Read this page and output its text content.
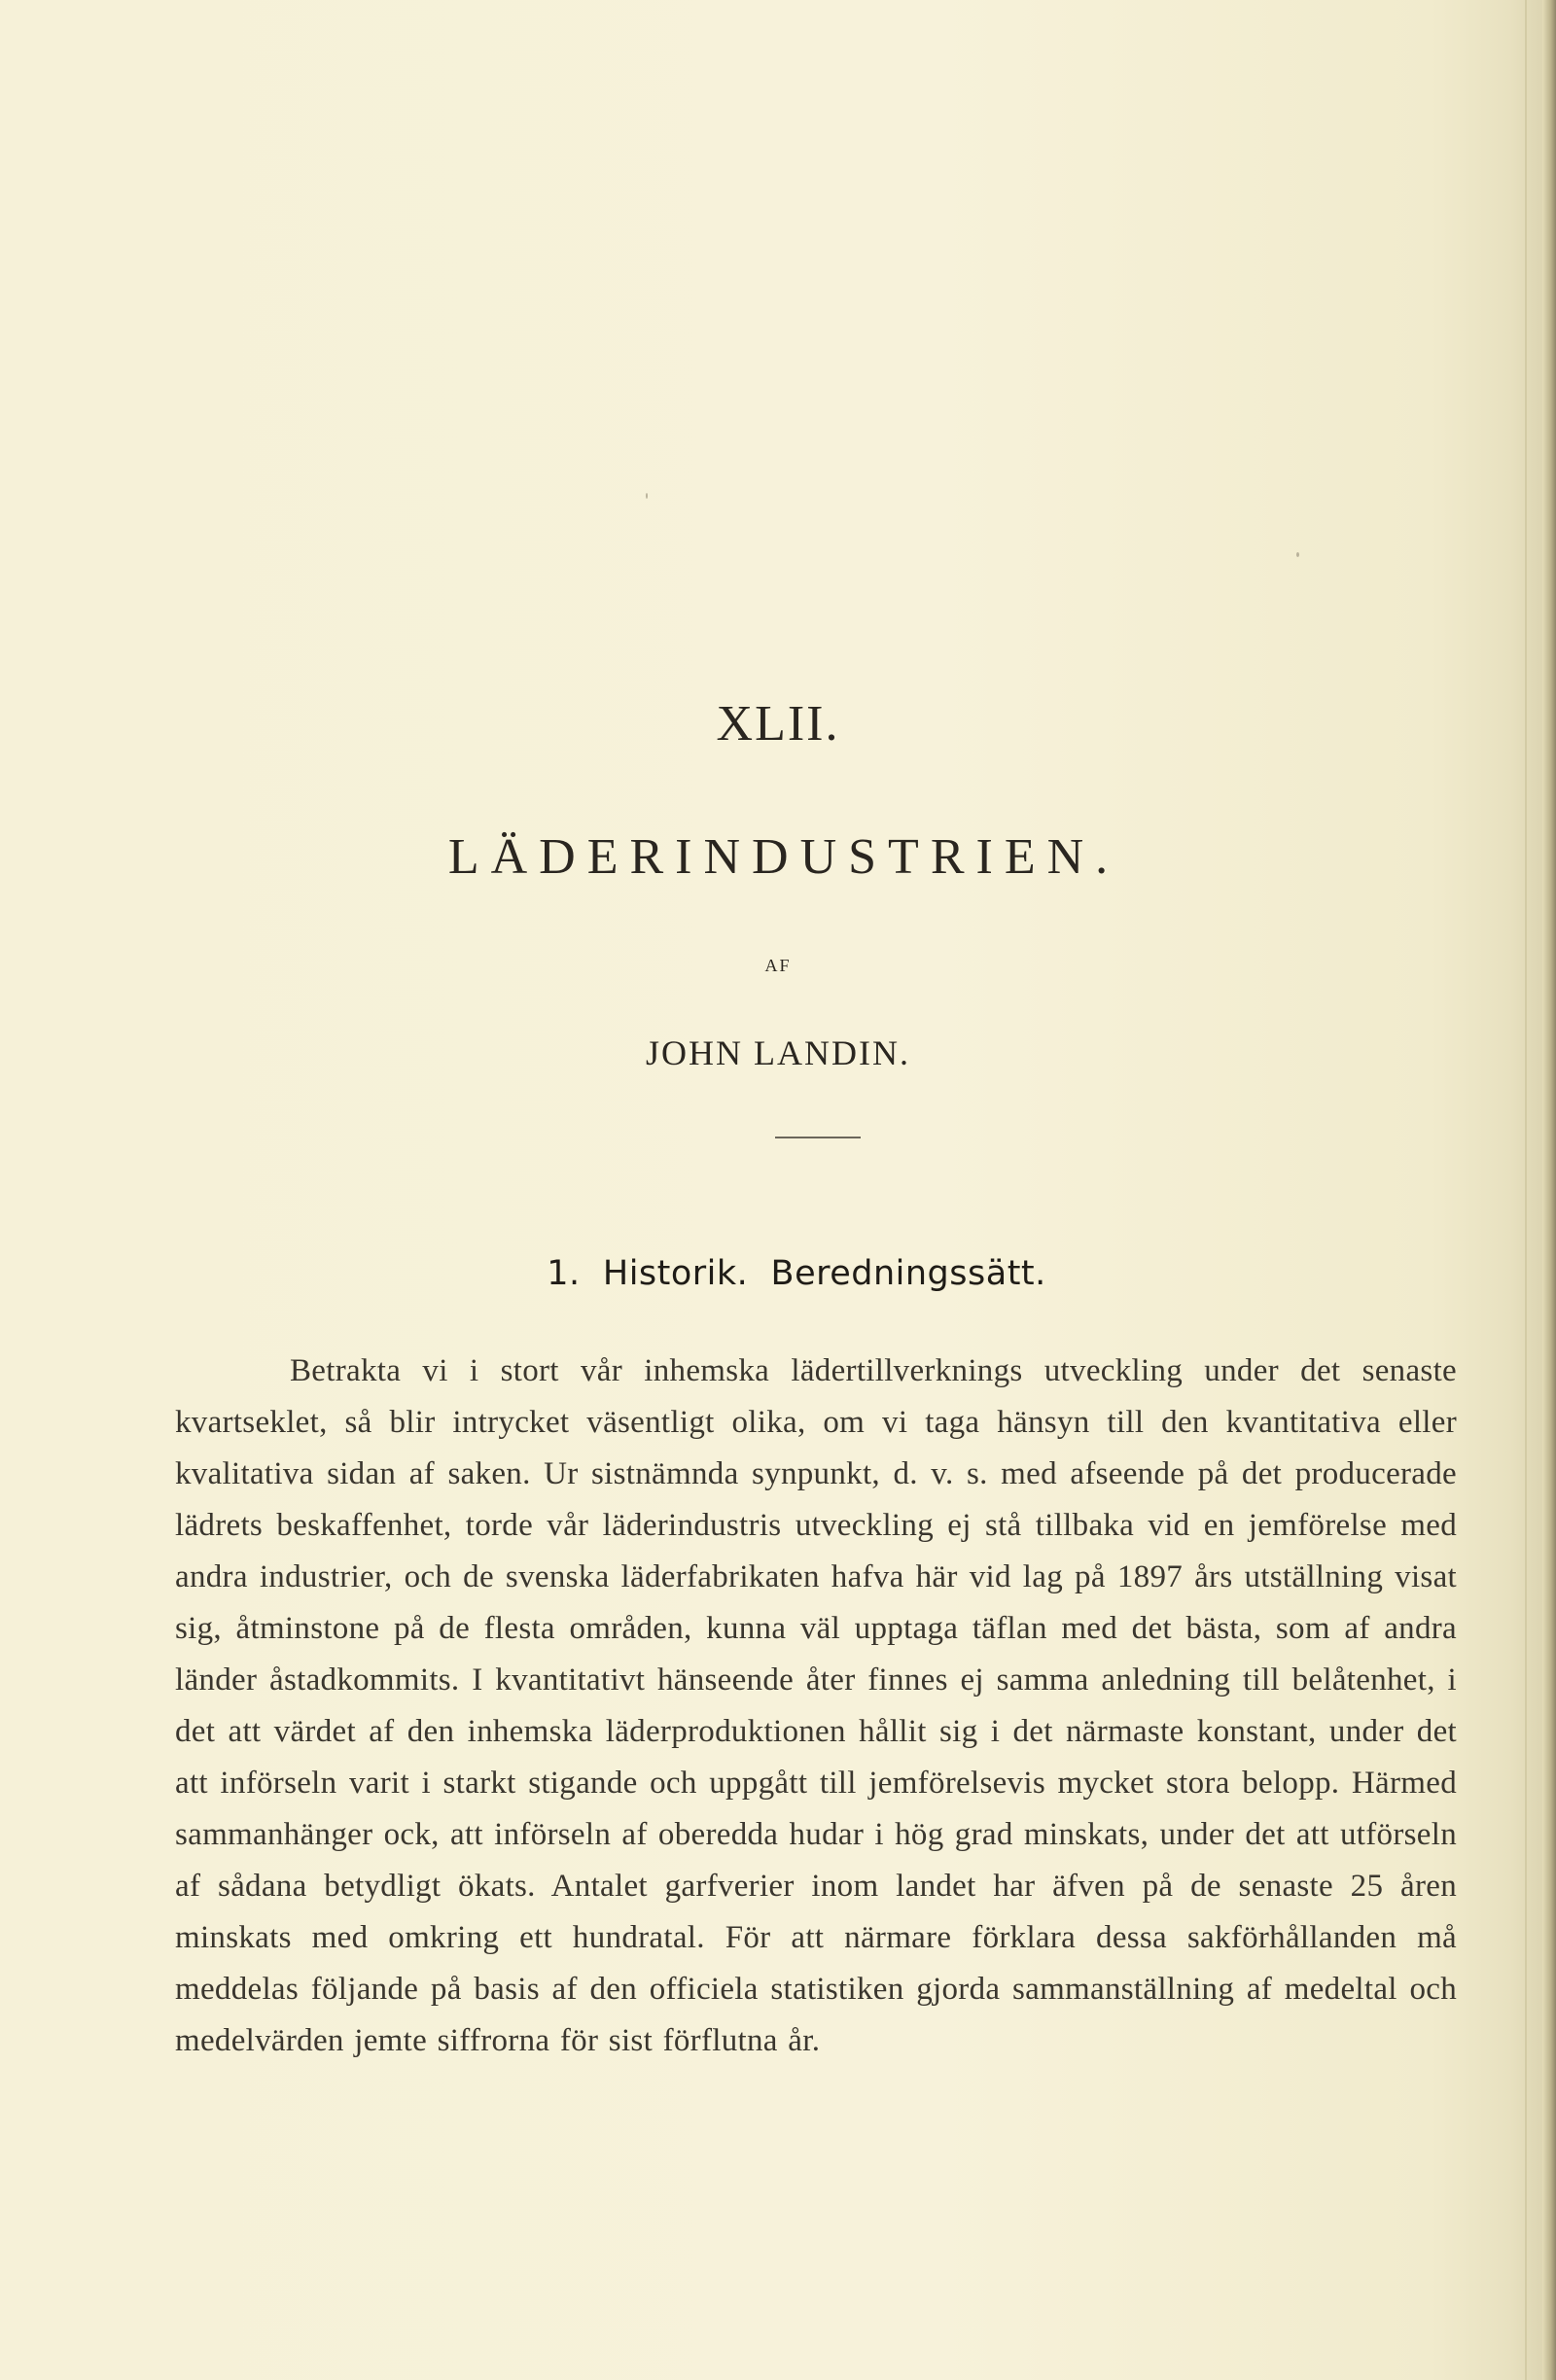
XLII.
LÄDERINDUSTRIEN.
AF
JOHN LANDIN.
1.  Historik.  Beredningssätt.

Betrakta vi i stort vår inhemska lädertillverknings utveckling under det senaste kvartseklet, så blir intrycket väsentligt olika, om vi taga hänsyn till den kvantitativa eller kvalitativa sidan af saken. Ur sistnämnda synpunkt, d. v. s. med afseende på det producerade lädrets beskaffenhet, torde vår läderindustris utveckling ej stå tillbaka vid en jemförelse med andra industrier, och de svenska läderfabrikaten hafva här vid lag på 1897 års utställning visat sig, åtminstone på de flesta områden, kunna väl upptaga täflan med det bästa, som af andra länder åstadkommits. I kvantitativt hänseende åter finnes ej samma anledning till belåtenhet, i det att värdet af den inhemska läderproduktionen hållit sig i det närmaste konstant, under det att införseln varit i starkt stigande och uppgått till jemförelsevis mycket stora belopp. Härmed sammanhänger ock, att införseln af oberedda hudar i hög grad minskats, under det att utförseln af sådana betydligt ökats. Antalet garfverier inom landet har äfven på de senaste 25 åren minskats med omkring ett hundratal. För att närmare förklara dessa sakförhållanden må meddelas följande på basis af den officiela statistiken gjorda sammanställning af medeltal och medelvärden jemte siffrorna för sist förflutna år.
